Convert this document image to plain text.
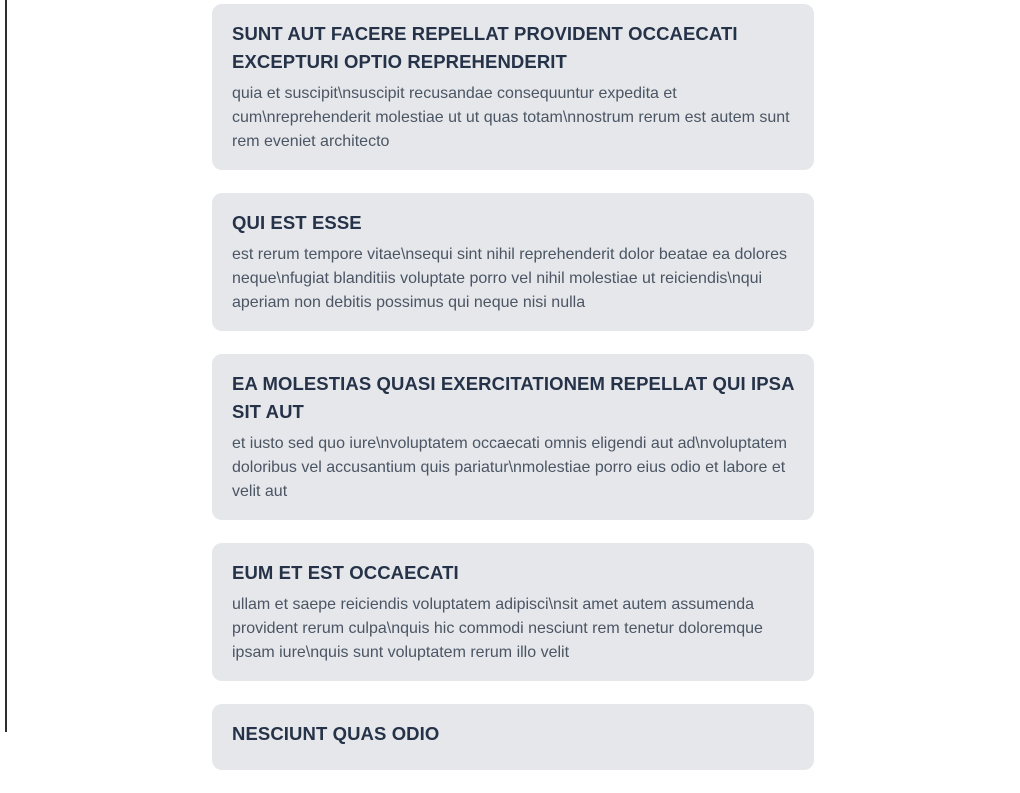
SUNT AUT FACERE REPELLAT PROVIDENT OCCAECATI EXCEPTURI OPTIO REPREHENDERIT
quia et suscipit\nsuscipit recusandae consequuntur expedita et cum\nreprehenderit molestiae ut ut quas totam\nnostrum rerum est autem sunt rem eveniet architecto
QUI EST ESSE
est rerum tempore vitae\nsequi sint nihil reprehenderit dolor beatae ea dolores neque\nfugiat blanditiis voluptate porro vel nihil molestiae ut reiciendis\nqui aperiam non debitis possimus qui neque nisi nulla
EA MOLESTIAS QUASI EXERCITATIONEM REPELLAT QUI IPSA SIT AUT
et iusto sed quo iure\nvoluptatem occaecati omnis eligendi aut ad\nvoluptatem doloribus vel accusantium quis pariatur\nmolestiae porro eius odio et labore et velit aut
EUM ET EST OCCAECATI
ullam et saepe reiciendis voluptatem adipisci\nsit amet autem assumenda provident rerum culpa\nquis hic commodi nesciunt rem tenetur doloremque ipsam iure\nquis sunt voluptatem rerum illo velit
NESCIUNT QUAS ODIO
